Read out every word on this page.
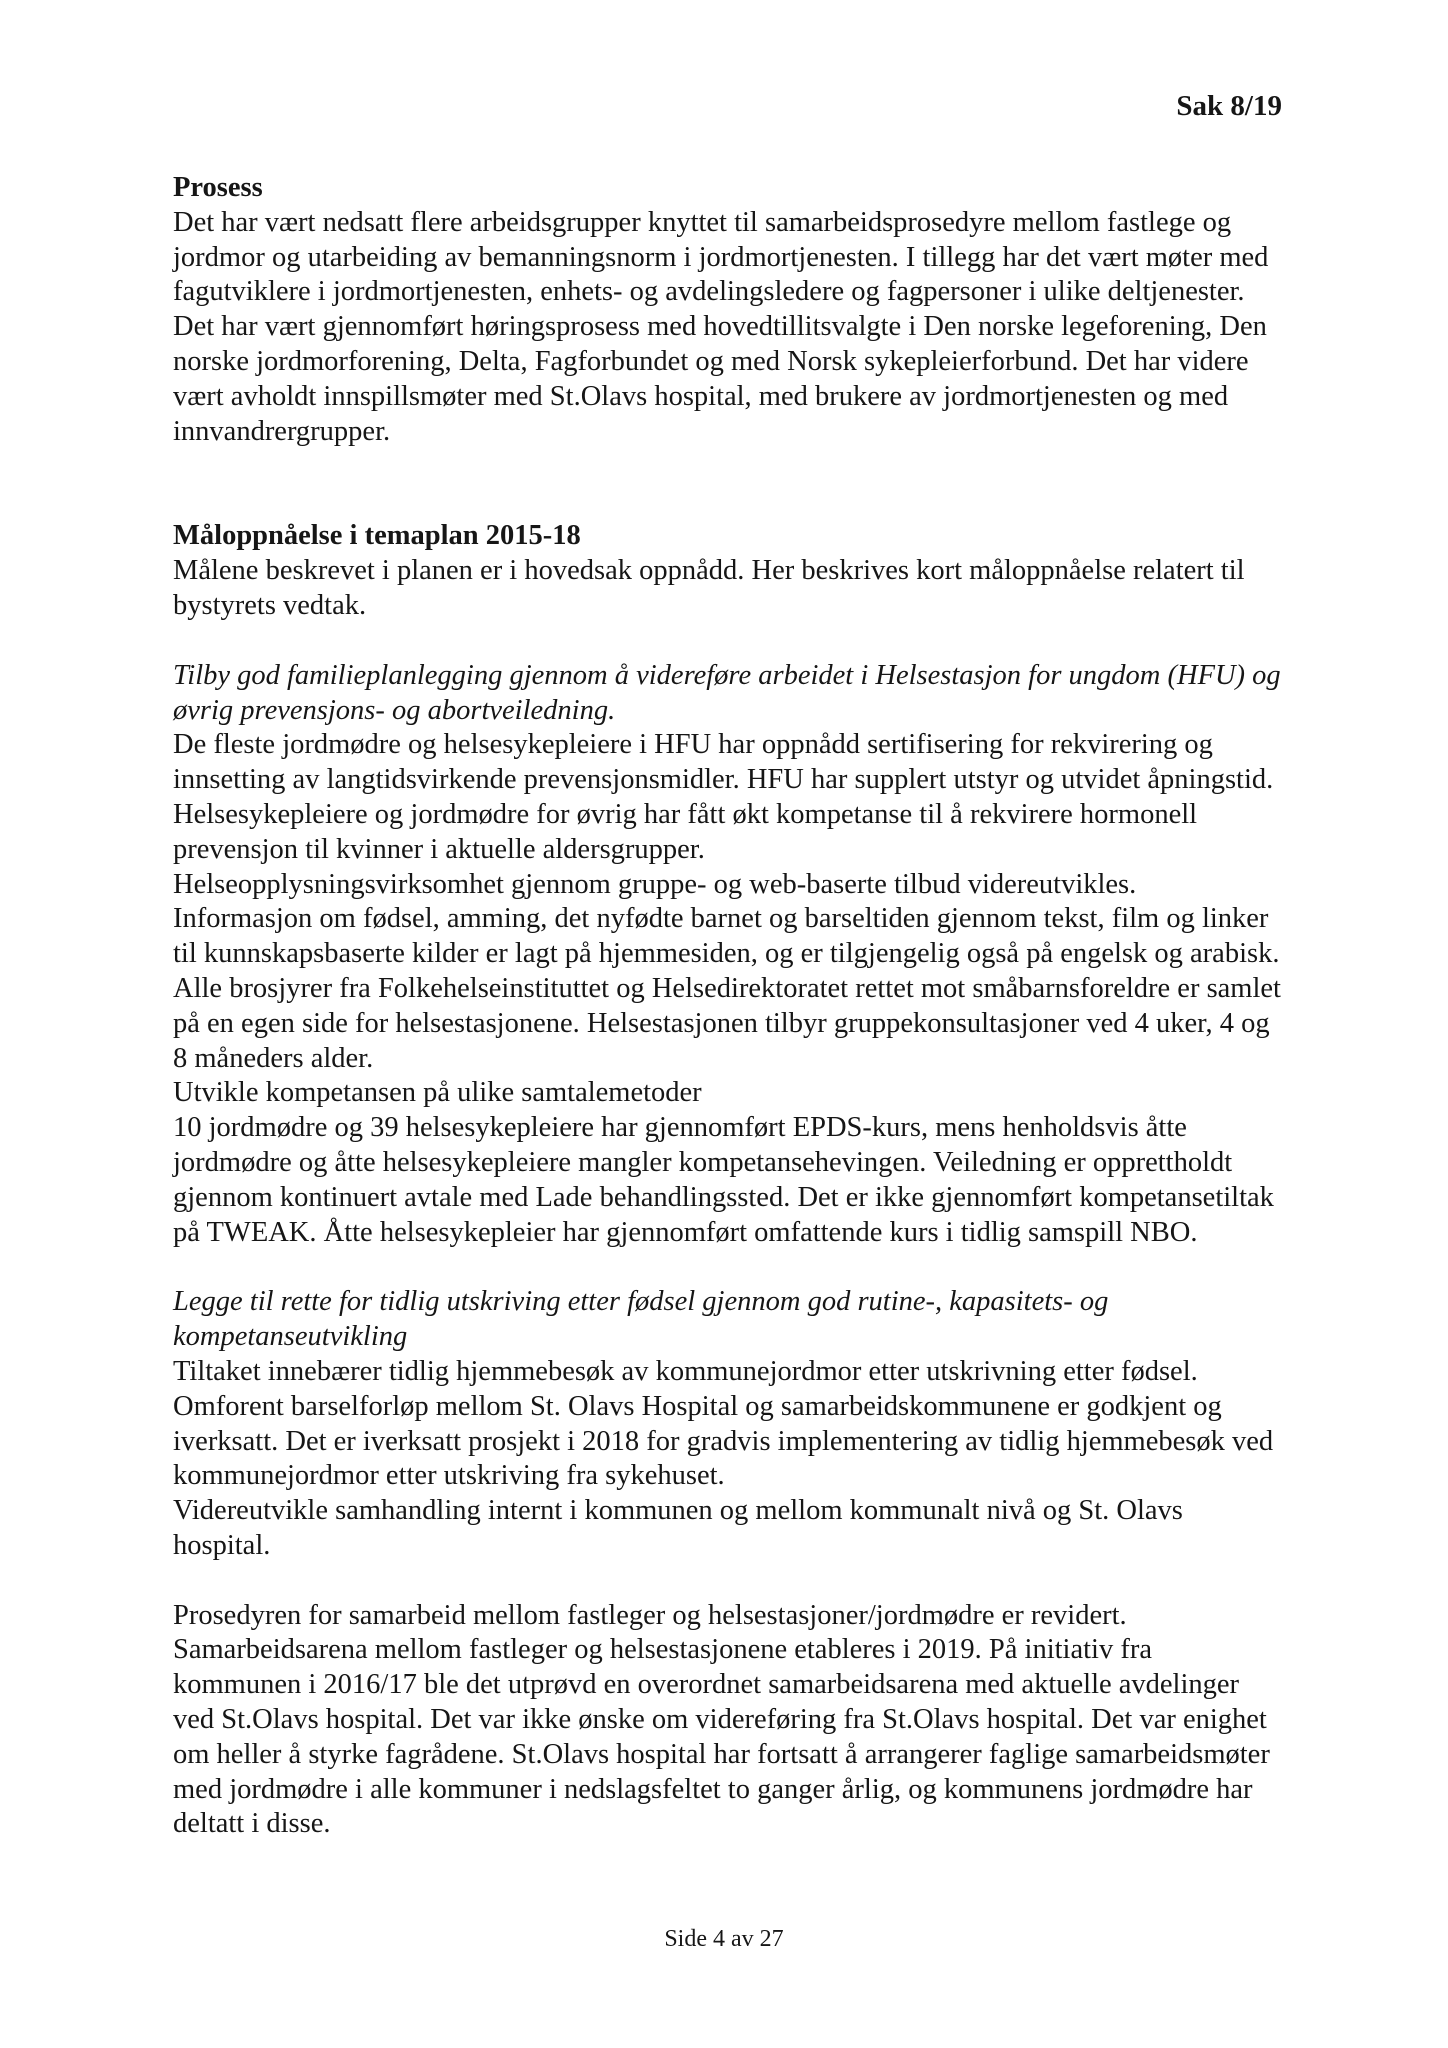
Sak 8/19

Prosess

Det har vært nedsatt flere arbeidsgrupper knyttet til samarbeidsprosedyre mellom fastlege og jordmor og utarbeiding av bemanningsnorm i jordmortjenesten. I tillegg har det vært møter med fagutviklere i jordmortjenesten, enhets- og avdelingsledere og fagpersoner i ulike deltjenester. Det har vært gjennomført høringsprosess med hovedtillitsvalgte i Den norske legeforening, Den norske jordmorforening, Delta, Fagforbundet og med Norsk sykepleierforbund. Det har videre vært avholdt innspillsmøter med St.Olavs hospital, med brukere av jordmortjenesten og med innvandrergrupper.

Måloppnåelse i temaplan 2015-18

Målene beskrevet i planen er i hovedsak oppnådd. Her beskrives kort måloppnåelse relatert til bystyrets vedtak.

Tilby god familieplanlegging gjennom å videreføre arbeidet i Helsestasjon for ungdom (HFU) og øvrig prevensjons- og abortveiledning.

De fleste jordmødre og helsesykepleiere i HFU har oppnådd sertifisering for rekvirering og innsetting av langtidsvirkende prevensjonsmidler. HFU har supplert utstyr og utvidet åpningstid. Helsesykepleiere og jordmødre for øvrig har fått økt kompetanse til å rekvirere hormonell prevensjon til kvinner i aktuelle aldersgrupper.

Helseopplysningsvirksomhet gjennom gruppe- og web-baserte tilbud videreutvikles.

Informasjon om fødsel, amming, det nyfødte barnet og barseltiden gjennom tekst, film og linker til kunnskapsbaserte kilder er lagt på hjemmesiden, og er tilgjengelig også på engelsk og arabisk. Alle brosjyrer fra Folkehelseinstituttet og Helsedirektoratet rettet mot småbarnsforeldre er samlet på en egen side for helsestasjonene. Helsestasjonen tilbyr gruppekonsultasjoner ved 4 uker, 4 og 8 måneders alder.

Utvikle kompetansen på ulike samtalemetoder

10 jordmødre og 39 helsesykepleiere har gjennomført EPDS-kurs, mens henholdsvis åtte jordmødre og åtte helsesykepleiere mangler kompetansehevingen. Veiledning er opprettholdt gjennom kontinuert avtale med Lade behandlingssted. Det er ikke gjennomført kompetansetiltak på TWEAK. Åtte helsesykepleier har gjennomført omfattende kurs i tidlig samspill NBO.

Legge til rette for tidlig utskriving etter fødsel gjennom god rutine-, kapasitets- og kompetanseutvikling

Tiltaket innebærer tidlig hjemmebesøk av kommunejordmor etter utskrivning etter fødsel. Omforent barselforløp mellom St. Olavs Hospital og samarbeidskommunene er godkjent og iverksatt. Det er iverksatt prosjekt i 2018 for gradvis implementering av tidlig hjemmebesøk ved kommunejordmor etter utskriving fra sykehuset.

Videreutvikle samhandling internt i kommunen og mellom kommunalt nivå og St. Olavs hospital.

Prosedyren for samarbeid mellom fastleger og helsestasjoner/jordmødre er revidert. Samarbeidsarena mellom fastleger og helsestasjonene etableres i 2019. På initiativ fra kommunen i 2016/17 ble det utprøvd en overordnet samarbeidsarena med aktuelle avdelinger ved St.Olavs hospital. Det var ikke ønske om videreføring fra St.Olavs hospital. Det var enighet om heller å styrke fagrådene. St.Olavs hospital har fortsatt å arrangerer faglige samarbeidsmøter med jordmødre i alle kommuner i nedslagsfeltet to ganger årlig, og kommunens jordmødre har deltatt i disse.

Side 4 av 27
